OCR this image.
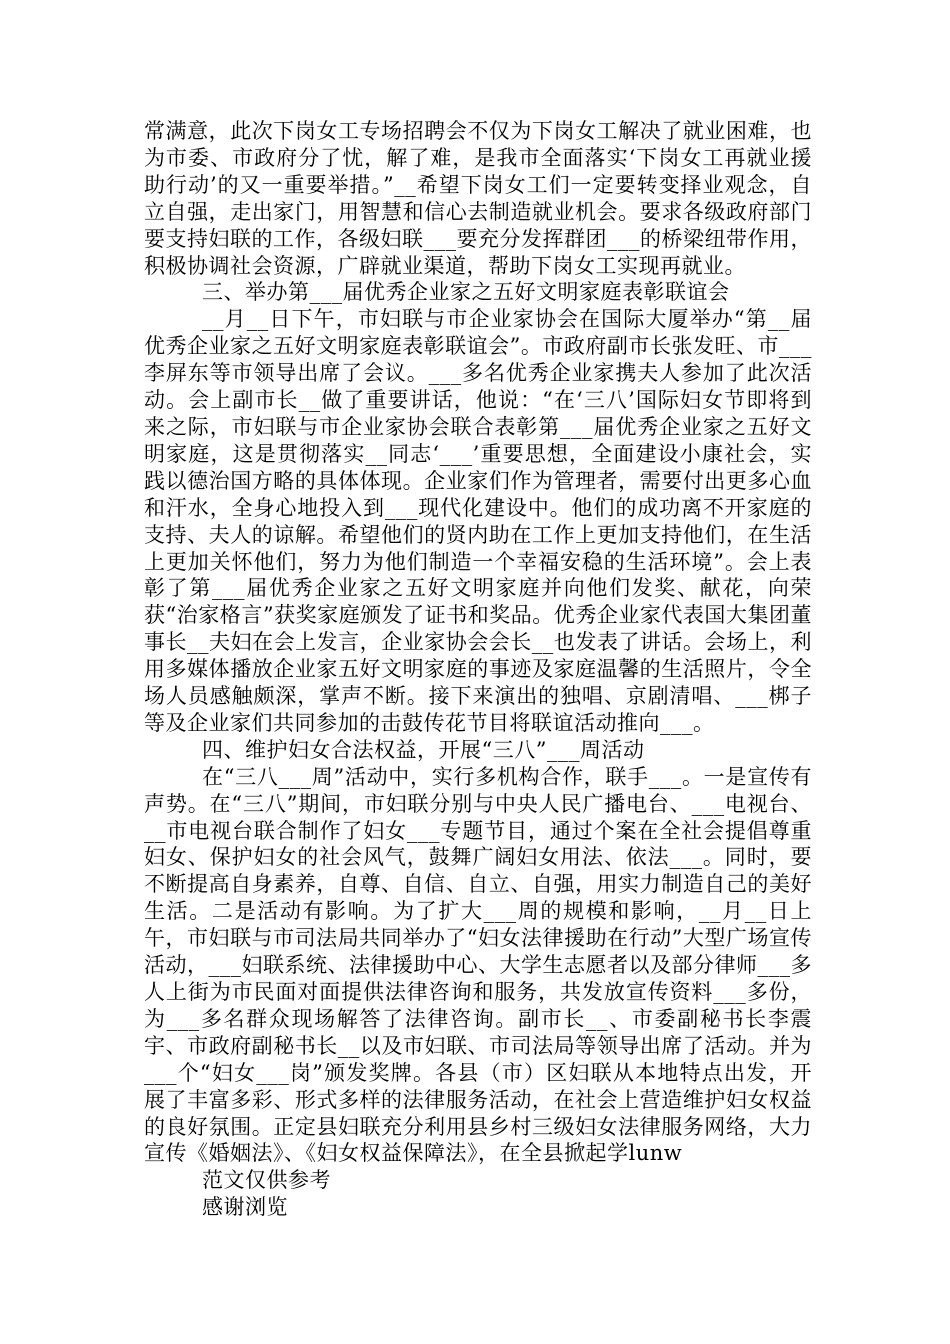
常满意，此次下岗女工专场招聘会不仅为下岗女工解决了就业困难，也为市委、市政府分了忧，解了难，是我市全面落实‘下岗女工再就业援助行动’的又一重要举措。”__希望下岗女工们一定要转变择业观念，自立自强，走出家门，用智慧和信心去制造就业机会。要求各级政府部门要支持妇联的工作，各级妇联___要充分发挥群团___的桥梁纽带作用，积极协调社会资源，广辟就业渠道，帮助下岗女工实现再就业。

三、举办第___届优秀企业家之五好文明家庭表彰联谊会

__月__日下午，市妇联与市企业家协会在国际大厦举办“第__届优秀企业家之五好文明家庭表彰联谊会”。市政府副市长张发旺、市___李屏东等市领导出席了会议。___多名优秀企业家携夫人参加了此次活动。会上副市长__做了重要讲话，他说：“在‘三八’国际妇女节即将到来之际，市妇联与市企业家协会联合表彰第___届优秀企业家之五好文明家庭，这是贯彻落实__同志‘___’重要思想，全面建设小康社会，实践以德治国方略的具体体现。企业家们作为管理者，需要付出更多心血和汗水，全身心地投入到___现代化建设中。他们的成功离不开家庭的支持、夫人的谅解。希望他们的贤内助在工作上更加支持他们，在生活上更加关怀他们，努力为他们制造一个幸福安稳的生活环境”。会上表彰了第___届优秀企业家之五好文明家庭并向他们发奖、献花，向荣获“治家格言”获奖家庭颁发了证书和奖品。优秀企业家代表国大集团董事长__夫妇在会上发言，企业家协会会长__也发表了讲话。会场上，利用多媒体播放企业家五好文明家庭的事迹及家庭温馨的生活照片，令全场人员感触颇深，掌声不断。接下来演出的独唱、京剧清唱、___梆子等及企业家们共同参加的击鼓传花节目将联谊活动推向___。

四、维护妇女合法权益，开展“三八”___周活动

在“三八___周”活动中，实行多机构合作，联手___。一是宣传有声势。在“三八”期间，市妇联分别与中央人民广播电台、___电视台、__市电视台联合制作了妇女___专题节目，通过个案在全社会提倡尊重妇女、保护妇女的社会风气，鼓舞广阔妇女用法、依法___。同时，要不断提高自身素养，自尊、自信、自立、自强，用实力制造自己的美好生活。二是活动有影响。为了扩大___周的规模和影响，__月__日上午，市妇联与市司法局共同举办了“妇女法律援助在行动”大型广场宣传活动，___妇联系统、法律援助中心、大学生志愿者以及部分律师___多人上街为市民面对面提供法律咨询和服务，共发放宣传资料___多份，为___多名群众现场解答了法律咨询。副市长__、市委副秘书长李震宇、市政府副秘书长__以及市妇联、市司法局等领导出席了活动。并为___个“妇女___岗”颁发奖牌。各县（市）区妇联从本地特点出发，开展了丰富多彩、形式多样的法律服务活动，在社会上营造维护妇女权益的良好氛围。正定县妇联充分利用县乡村三级妇女法律服务网络，大力宣传《婚姻法》、《妇女权益保障法》，在全县掀起学lunw

范文仅供参考

感谢浏览
